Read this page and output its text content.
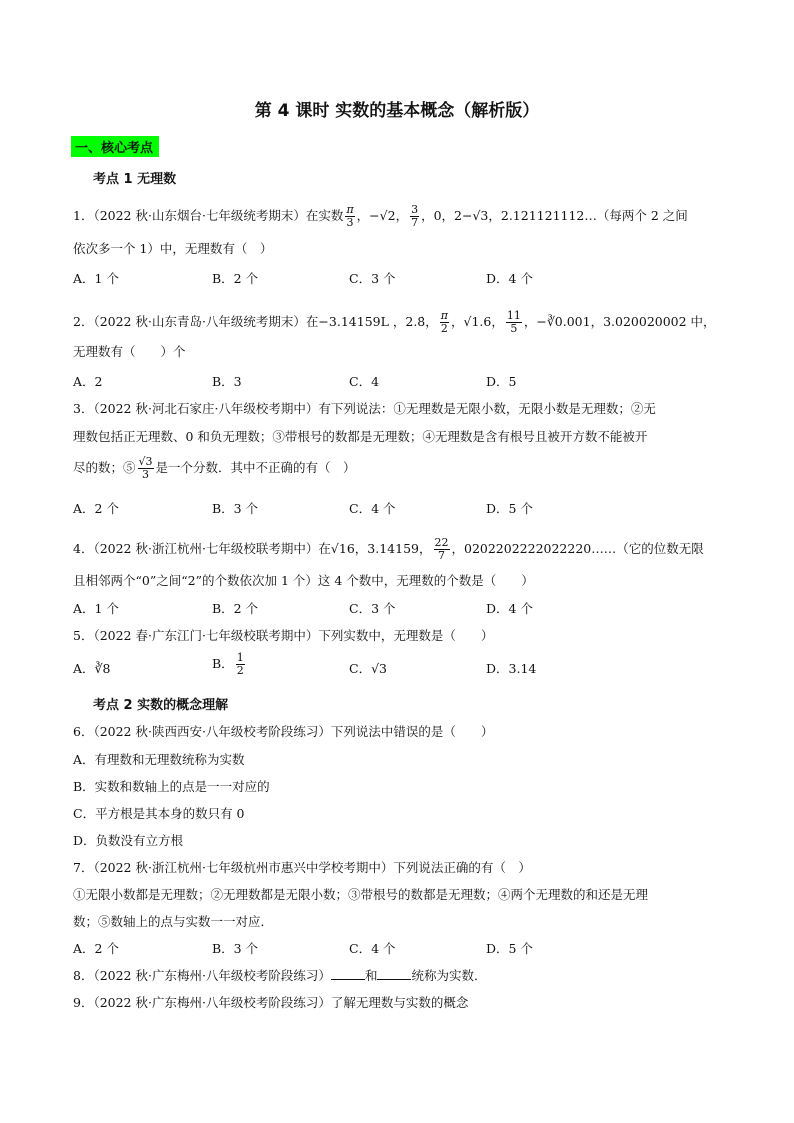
第 4 课时 实数的基本概念（解析版）
一、核心考点
考点 1 无理数
1．（2022 秋·山东烟台·七年级统考期末）在实数 $\frac{\pi}{3}$ ，−√2， $\frac{3}{7}$ ，0，2−√3，2.121121112…（每两个 2 之间
依次多一个 1）中，无理数有（　）
A．1 个	B．2 个	C．3 个	D．4 个
2．（2022 秋·山东青岛·八年级统考期末）在−3.14159L ，2.8̇， $\frac{\pi}{2}$ ，√1.6， $\frac{11}{5}$ ，−∛0.001，3.020020002 中，
无理数有（　　）个
A．2	B．3	C．4	D．5
3．（2022 秋·河北石家庄·八年级校考期中）有下列说法：①无理数是无限小数，无限小数是无理数；②无
理数包括正无理数、0 和负无理数；③带根号的数都是无理数；④无理数是含有根号且被开方数不能被开
尽的数；⑤ $\frac{√3}{3}$ 是一个分数．其中不正确的有（　）
A．2 个	B．3 个	C．4 个	D．5 个
4．（2022 秋·浙江杭州·七年级校联考期中）在√16，3.14159， $\frac{22}{7}$ ，0202202222022220……（它的位数无限
且相邻两个“0”之间“2”的个数依次加 1 个）这 4 个数中，无理数的个数是（　　）
A．1 个	B．2 个	C．3 个	D．4 个
5．（2022 春·广东江门·七年级校联考期中）下列实数中，无理数是（　　）
A．∛8	B． $\frac{1}{2}$	C．√3	D．3.14
考点 2 实数的概念理解
6．（2022 秋·陕西西安·八年级校考阶段练习）下列说法中错误的是（　　）
A．有理数和无理数统称为实数
B．实数和数轴上的点是一一对应的
C．平方根是其本身的数只有 0
D．负数没有立方根
7．（2022 秋·浙江杭州·七年级杭州市惠兴中学校考期中）下列说法正确的有（　）
①无限小数都是无理数；②无理数都是无限小数；③带根号的数都是无理数；④两个无理数的和还是无理
数；⑤数轴上的点与实数一一对应．
A．2 个	B．3 个	C．4 个	D．5 个
8．（2022 秋·广东梅州·八年级校考阶段练习）	和	统称为实数．
9．（2022 秋·广东梅州·八年级校考阶段练习）了解无理数与实数的概念
